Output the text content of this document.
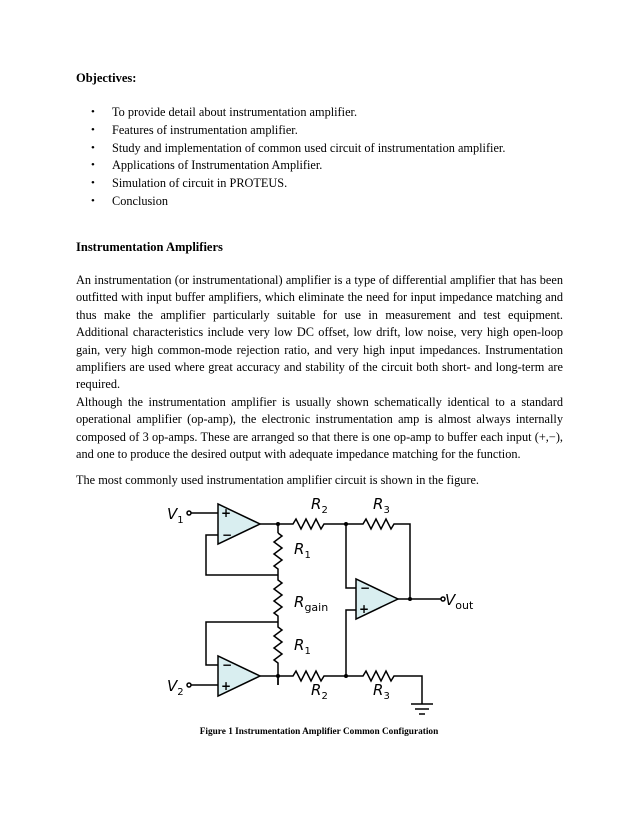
Objectives:
• To provide detail about instrumentation amplifier.
• Features of instrumentation amplifier.
• Study and implementation of common used circuit of instrumentation amplifier.
• Applications of Instrumentation Amplifier.
• Simulation of circuit in PROTEUS.
• Conclusion
Instrumentation Amplifiers
An instrumentation (or instrumentational) amplifier is a type of differential amplifier that has been outfitted with input buffer amplifiers, which eliminate the need for input impedance matching and thus make the amplifier particularly suitable for use in measurement and test equipment. Additional characteristics include very low DC offset, low drift, low noise, very high open-loop gain, very high common-mode rejection ratio, and very high input impedances. Instrumentation amplifiers are used where great accuracy and stability of the circuit both short- and long-term are required.
Although the instrumentation amplifier is usually shown schematically identical to a standard operational amplifier (op-amp), the electronic instrumentation amp is almost always internally composed of 3 op-amps. These are arranged so that there is one op-amp to buffer each input (+,−), and one to produce the desired output with adequate impedance matching for the function.
The most commonly used instrumentation amplifier circuit is shown in the figure.
+
−
−
+
−
+
$V_1$
$V_2$
$R_2$	$R_3$
$R_1$
$R_{gain}$
$R_1$
$R_2$	$R_3$
$V_{out}$
Figure 1 Instrumentation Amplifier Common Configuration
